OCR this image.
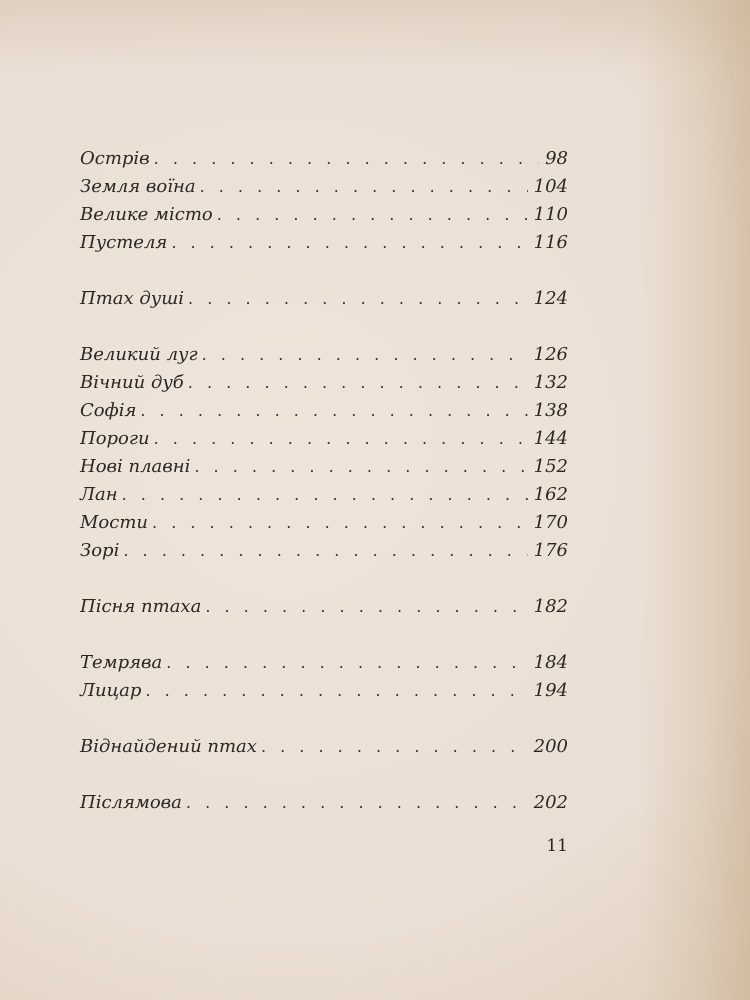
Острів . . .	98
Земля воїна . . .	104
Велике місто . . .	110
Пустеля . . .	116
Птах душі . . .	124
Великий луг . . .	126
Вічний дуб . . .	132
Софія . . .	138
Пороги . . .	144
Нові плавні . . .	152
Лан . . .	162
Мости . . .	170
Зорі . . .	176
Пісня птаха . . .	182
Темрява . . .	184
Лицар . . .	194
Віднайдений птах . . .	200
Післямова . . .	202
11
